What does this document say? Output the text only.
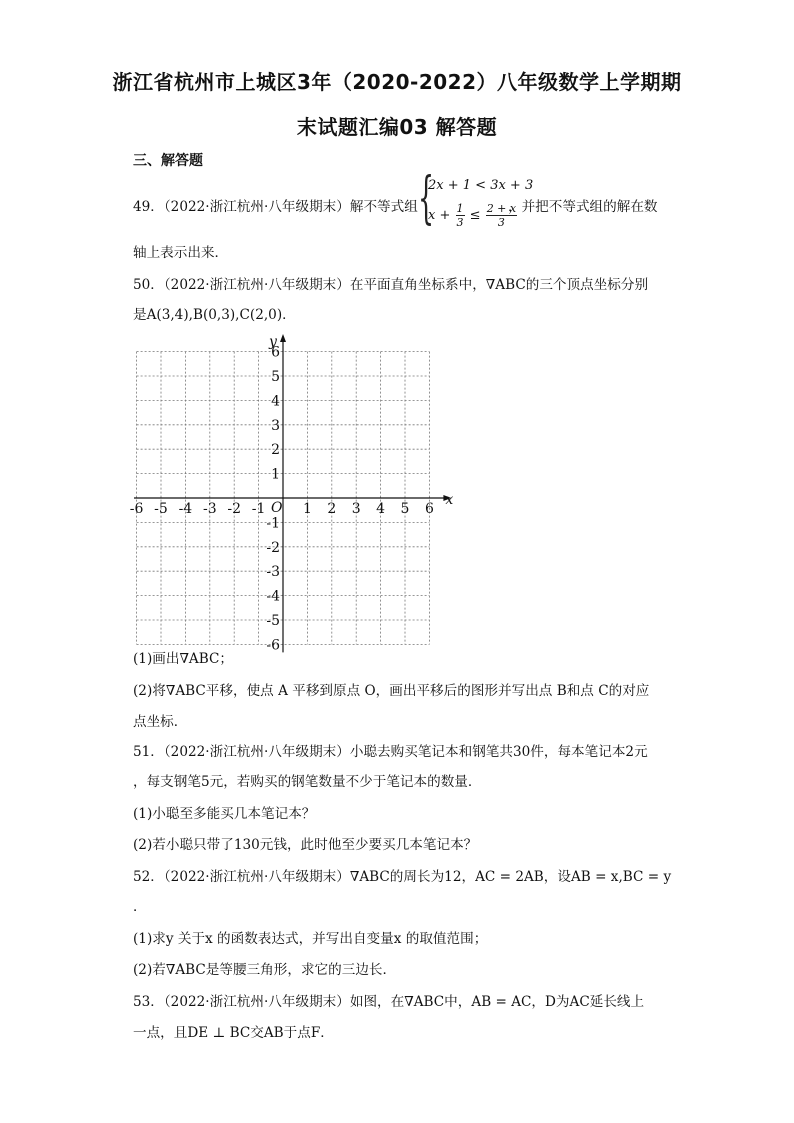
浙江省杭州市上城区3年（2020-2022）八年级数学上学期期
末试题汇编03 解答题
三、解答题
49．（2022·浙江杭州·八年级期末）解不等式组 {
2x + 1 < 3x + 3
$x + \frac{1}{3} \le \frac{2 + x}{3}$
，并把不等式组的解在数
轴上表示出来．
50．（2022·浙江杭州·八年级期末）在平面直角坐标系中，∇ABC的三个顶点坐标分别
是A(3,4),B(0,3),C(2,0)．
x
y
O
-6 -5 -4 -3 -2 -1	1 2 3 4 5 6
6
5
4
3
2
1
-1
-2
-3
-4
-5
-6
(1)画出∇ABC；
(2)将∇ABC平移，使点 A 平移到原点 O，画出平移后的图形并写出点 B和点 C的对应
点坐标．
51．（2022·浙江杭州·八年级期末）小聪去购买笔记本和钢笔共30件，每本笔记本2元
，每支钢笔5元，若购买的钢笔数量不少于笔记本的数量．
(1)小聪至多能买几本笔记本？
(2)若小聪只带了130元钱，此时他至少要买几本笔记本？
52．（2022·浙江杭州·八年级期末）∇ABC的周长为12，AC = 2AB，设AB = x,BC = y
．
(1)求y 关于x 的函数表达式，并写出自变量x 的取值范围；
(2)若∇ABC是等腰三角形，求它的三边长．
53．（2022·浙江杭州·八年级期末）如图，在∇ABC中，AB = AC，D为AC延长线上
一点，且DE ⊥ BC交AB于点F．
